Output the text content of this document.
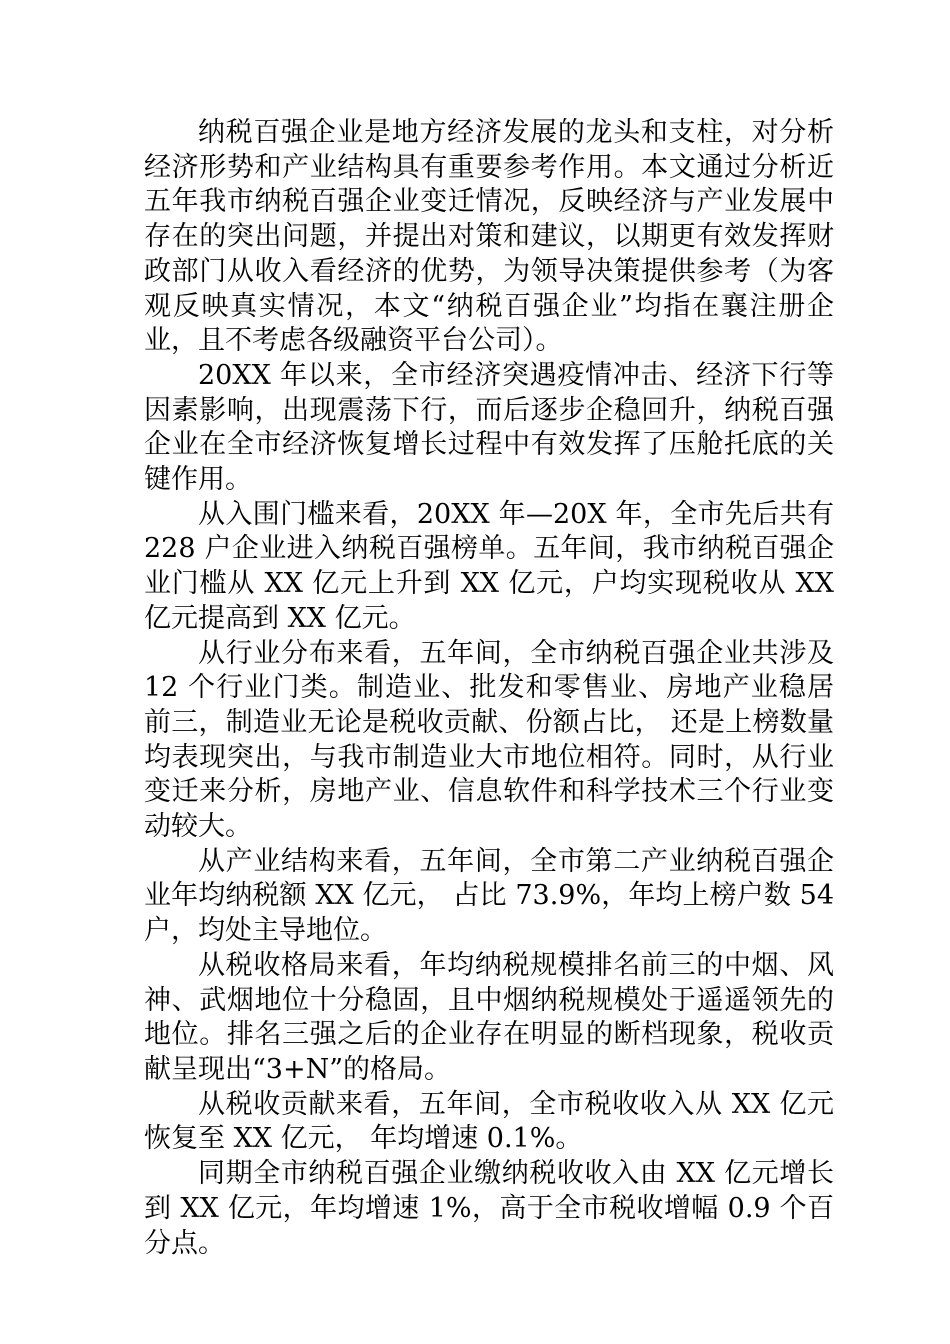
纳税百强企业是地方经济发展的龙头和支柱，对分析经济形势和产业结构具有重要参考作用。本文通过分析近五年我市纳税百强企业变迁情况，反映经济与产业发展中存在的突出问题，并提出对策和建议，以期更有效发挥财政部门从收入看经济的优势，为领导决策提供参考（为客观反映真实情况，本文“纳税百强企业”均指在襄注册企业，且不考虑各级融资平台公司）。

20XX 年以来，全市经济突遇疫情冲击、经济下行等因素影响，出现震荡下行，而后逐步企稳回升，纳税百强企业在全市经济恢复增长过程中有效发挥了压舱托底的关键作用。

从入围门槛来看，20XX 年—20X 年，全市先后共有 228 户企业进入纳税百强榜单。五年间，我市纳税百强企业门槛从 XX 亿元上升到 XX 亿元，户均实现税收从 XX 亿元提高到 XX 亿元。

从行业分布来看，五年间，全市纳税百强企业共涉及 12 个行业门类。制造业、批发和零售业、房地产业稳居前三，制造业无论是税收贡献、份额占比， 还是上榜数量均表现突出，与我市制造业大市地位相符。同时，从行业变迁来分析，房地产业、信息软件和科学技术三个行业变动较大。

从产业结构来看，五年间，全市第二产业纳税百强企业年均纳税额 XX 亿元， 占比 73.9%，年均上榜户数 54 户，均处主导地位。

从税收格局来看，年均纳税规模排名前三的中烟、风神、武烟地位十分稳固，且中烟纳税规模处于遥遥领先的地位。排名三强之后的企业存在明显的断档现象，税收贡献呈现出“3+N”的格局。

从税收贡献来看，五年间，全市税收收入从 XX 亿元恢复至 XX 亿元， 年均增速 0.1%。

同期全市纳税百强企业缴纳税收收入由 XX 亿元增长到 XX 亿元，年均增速 1%，高于全市税收增幅 0.9 个百分点。
